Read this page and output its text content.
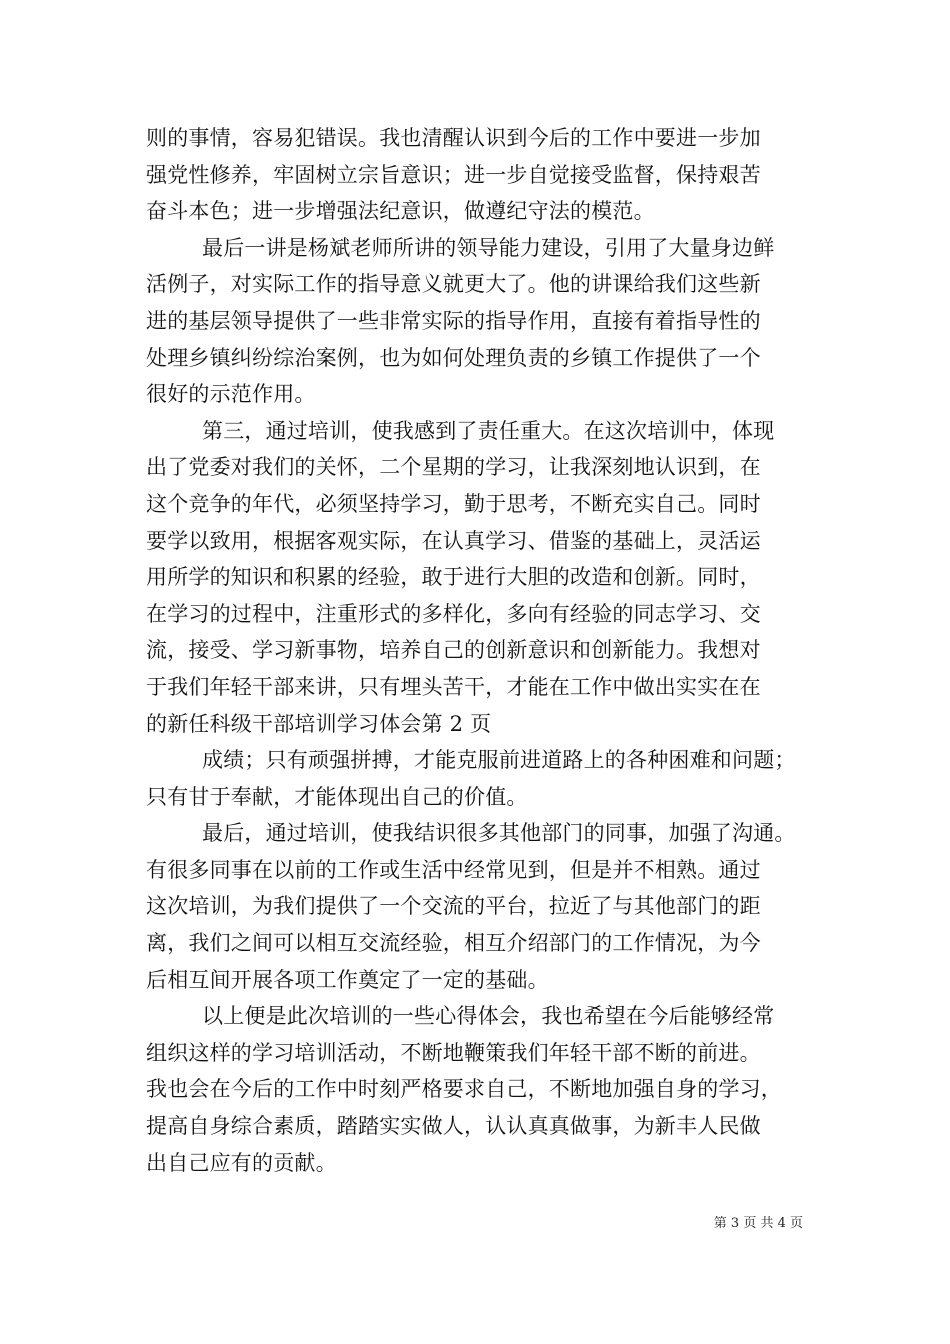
则的事情，容易犯错误。我也清醒认识到今后的工作中要进一步加
强党性修养，牢固树立宗旨意识；进一步自觉接受监督，保持艰苦
奋斗本色；进一步增强法纪意识，做遵纪守法的模范。
最后一讲是杨斌老师所讲的领导能力建设，引用了大量身边鲜
活例子，对实际工作的指导意义就更大了。他的讲课给我们这些新
进的基层领导提供了一些非常实际的指导作用，直接有着指导性的
处理乡镇纠纷综治案例，也为如何处理负责的乡镇工作提供了一个
很好的示范作用。
第三，通过培训，使我感到了责任重大。在这次培训中，体现
出了党委对我们的关怀，二个星期的学习，让我深刻地认识到，在
这个竞争的年代，必须坚持学习，勤于思考，不断充实自己。同时
要学以致用，根据客观实际，在认真学习、借鉴的基础上，灵活运
用所学的知识和积累的经验，敢于进行大胆的改造和创新。同时，
在学习的过程中，注重形式的多样化，多向有经验的同志学习、交
流，接受、学习新事物，培养自己的创新意识和创新能力。我想对
于我们年轻干部来讲，只有埋头苦干，才能在工作中做出实实在在
的新任科级干部培训学习体会第 2 页
成绩；只有顽强拼搏，才能克服前进道路上的各种困难和问题；
只有甘于奉献，才能体现出自己的价值。
最后，通过培训，使我结识很多其他部门的同事，加强了沟通。
有很多同事在以前的工作或生活中经常见到，但是并不相熟。通过
这次培训，为我们提供了一个交流的平台，拉近了与其他部门的距
离，我们之间可以相互交流经验，相互介绍部门的工作情况，为今
后相互间开展各项工作奠定了一定的基础。
以上便是此次培训的一些心得体会，我也希望在今后能够经常
组织这样的学习培训活动，不断地鞭策我们年轻干部不断的前进。
我也会在今后的工作中时刻严格要求自己，不断地加强自身的学习，
提高自身综合素质，踏踏实实做人，认认真真做事，为新丰人民做
出自己应有的贡献。
第 3 页 共 4 页
